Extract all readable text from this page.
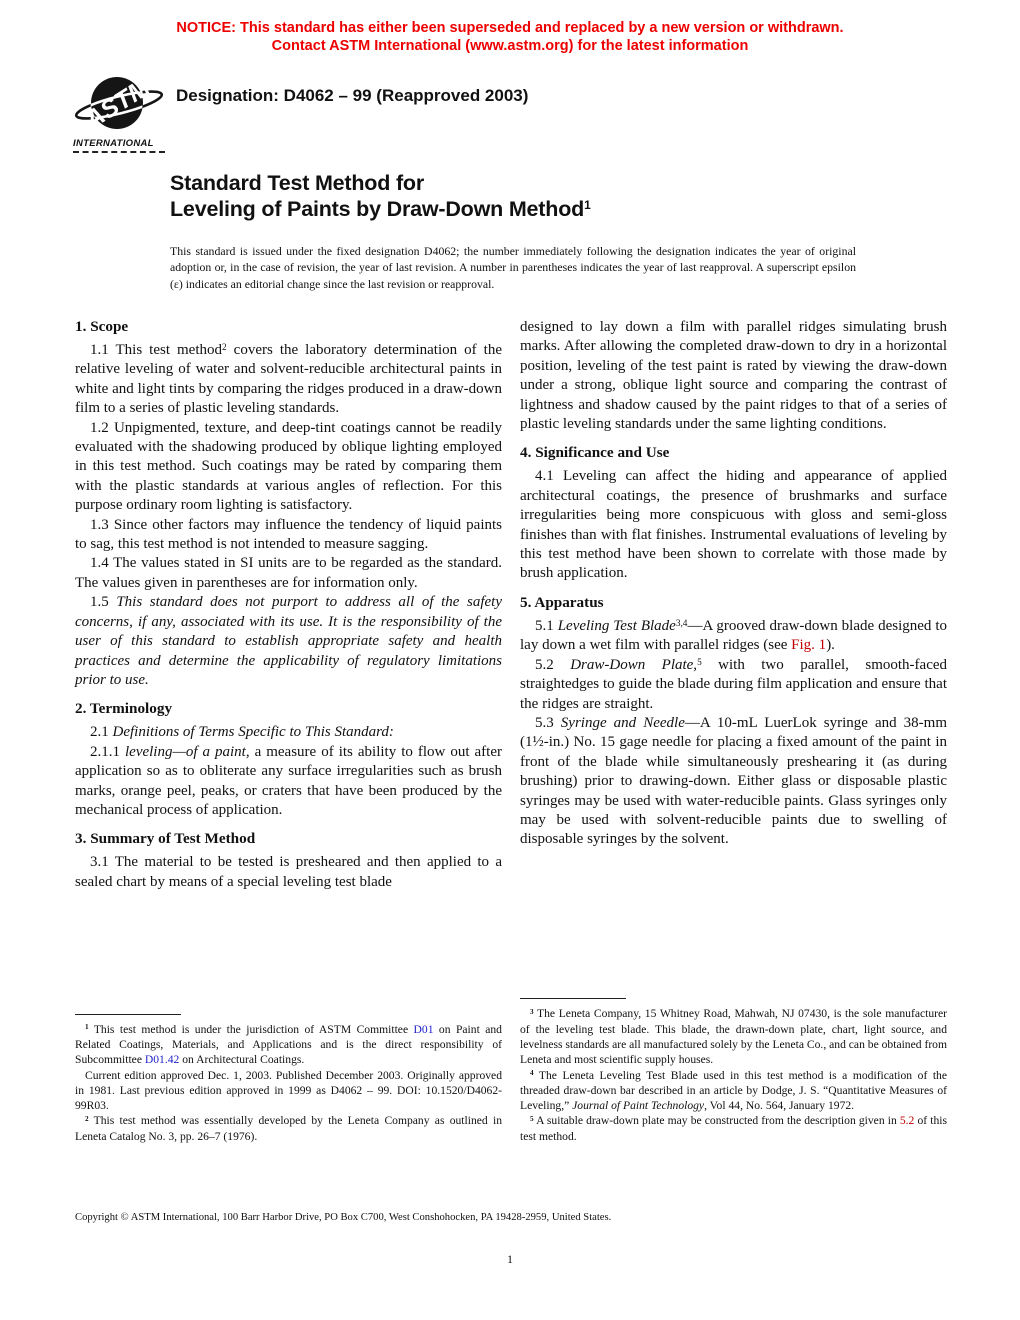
NOTICE: This standard has either been superseded and replaced by a new version or withdrawn.
Contact ASTM International (www.astm.org) for the latest information
ASTM
INTERNATIONAL
Designation: D4062 – 99 (Reapproved 2003)
Standard Test Method for
Leveling of Paints by Draw-Down Method$^1$
This standard is issued under the fixed designation D4062; the number immediately following the designation indicates the year of original adoption or, in the case of revision, the year of last revision. A number in parentheses indicates the year of last reapproval. A superscript epsilon (ε) indicates an editorial change since the last revision or reapproval.

1. Scope

1.1 This test method$^2$ covers the laboratory determination of the relative leveling of water and solvent-reducible architectural paints in white and light tints by comparing the ridges produced in a draw-down film to a series of plastic leveling standards.

1.2 Unpigmented, texture, and deep-tint coatings cannot be readily evaluated with the shadowing produced by oblique lighting employed in this test method. Such coatings may be rated by comparing them with the plastic standards at various angles of reflection. For this purpose ordinary room lighting is satisfactory.

1.3 Since other factors may influence the tendency of liquid paints to sag, this test method is not intended to measure sagging.

1.4 The values stated in SI units are to be regarded as the standard. The values given in parentheses are for information only.

1.5 This standard does not purport to address all of the safety concerns, if any, associated with its use. It is the responsibility of the user of this standard to establish appropriate safety and health practices and determine the applicability of regulatory limitations prior to use.

2. Terminology

2.1 Definitions of Terms Specific to This Standard:

2.1.1 leveling—of a paint, a measure of its ability to flow out after application so as to obliterate any surface irregularities such as brush marks, orange peel, peaks, or craters that have been produced by the mechanical process of application.

3. Summary of Test Method

3.1 The material to be tested is presheared and then applied to a sealed chart by means of a special leveling test blade

$^1$ This test method is under the jurisdiction of ASTM Committee D01 on Paint and Related Coatings, Materials, and Applications and is the direct responsibility of Subcommittee D01.42 on Architectural Coatings.

Current edition approved Dec. 1, 2003. Published December 2003. Originally approved in 1981. Last previous edition approved in 1999 as D4062 – 99. DOI: 10.1520/D4062-99R03.

$^2$ This test method was essentially developed by the Leneta Company as outlined in Leneta Catalog No. 3, pp. 26–7 (1976).

designed to lay down a film with parallel ridges simulating brush marks. After allowing the completed draw-down to dry in a horizontal position, leveling of the test paint is rated by viewing the draw-down under a strong, oblique light source and comparing the contrast of lightness and shadow caused by the paint ridges to that of a series of plastic leveling standards under the same lighting conditions.

4. Significance and Use

4.1 Leveling can affect the hiding and appearance of applied architectural coatings, the presence of brushmarks and surface irregularities being more conspicuous with gloss and semi-gloss finishes than with flat finishes. Instrumental evaluations of leveling by this test method have been shown to correlate with those made by brush application.

5. Apparatus

5.1 Leveling Test Blade$^{3,4}$—A grooved draw-down blade designed to lay down a wet film with parallel ridges (see Fig. 1).

5.2 Draw-Down Plate,$^5$ with two parallel, smooth-faced straightedges to guide the blade during film application and ensure that the ridges are straight.

5.3 Syringe and Needle—A 10-mL LuerLok syringe and 38-mm (1½-in.) No. 15 gage needle for placing a fixed amount of the paint in front of the blade while simultaneously preshearing it (as during brushing) prior to drawing-down. Either glass or disposable plastic syringes may be used with water-reducible paints. Glass syringes only may be used with solvent-reducible paints due to swelling of disposable syringes by the solvent.

$^3$ The Leneta Company, 15 Whitney Road, Mahwah, NJ 07430, is the sole manufacturer of the leveling test blade. This blade, the drawn-down plate, chart, light source, and levelness standards are all manufactured solely by the Leneta Co., and can be obtained from Leneta and most scientific supply houses.

$^4$ The Leneta Leveling Test Blade used in this test method is a modification of the threaded draw-down bar described in an article by Dodge, J. S. “Quantitative Measures of Leveling,” Journal of Paint Technology, Vol 44, No. 564, January 1972.

$^5$ A suitable draw-down plate may be constructed from the description given in 5.2 of this test method.

Copyright © ASTM International, 100 Barr Harbor Drive, PO Box C700, West Conshohocken, PA 19428-2959, United States.
1
